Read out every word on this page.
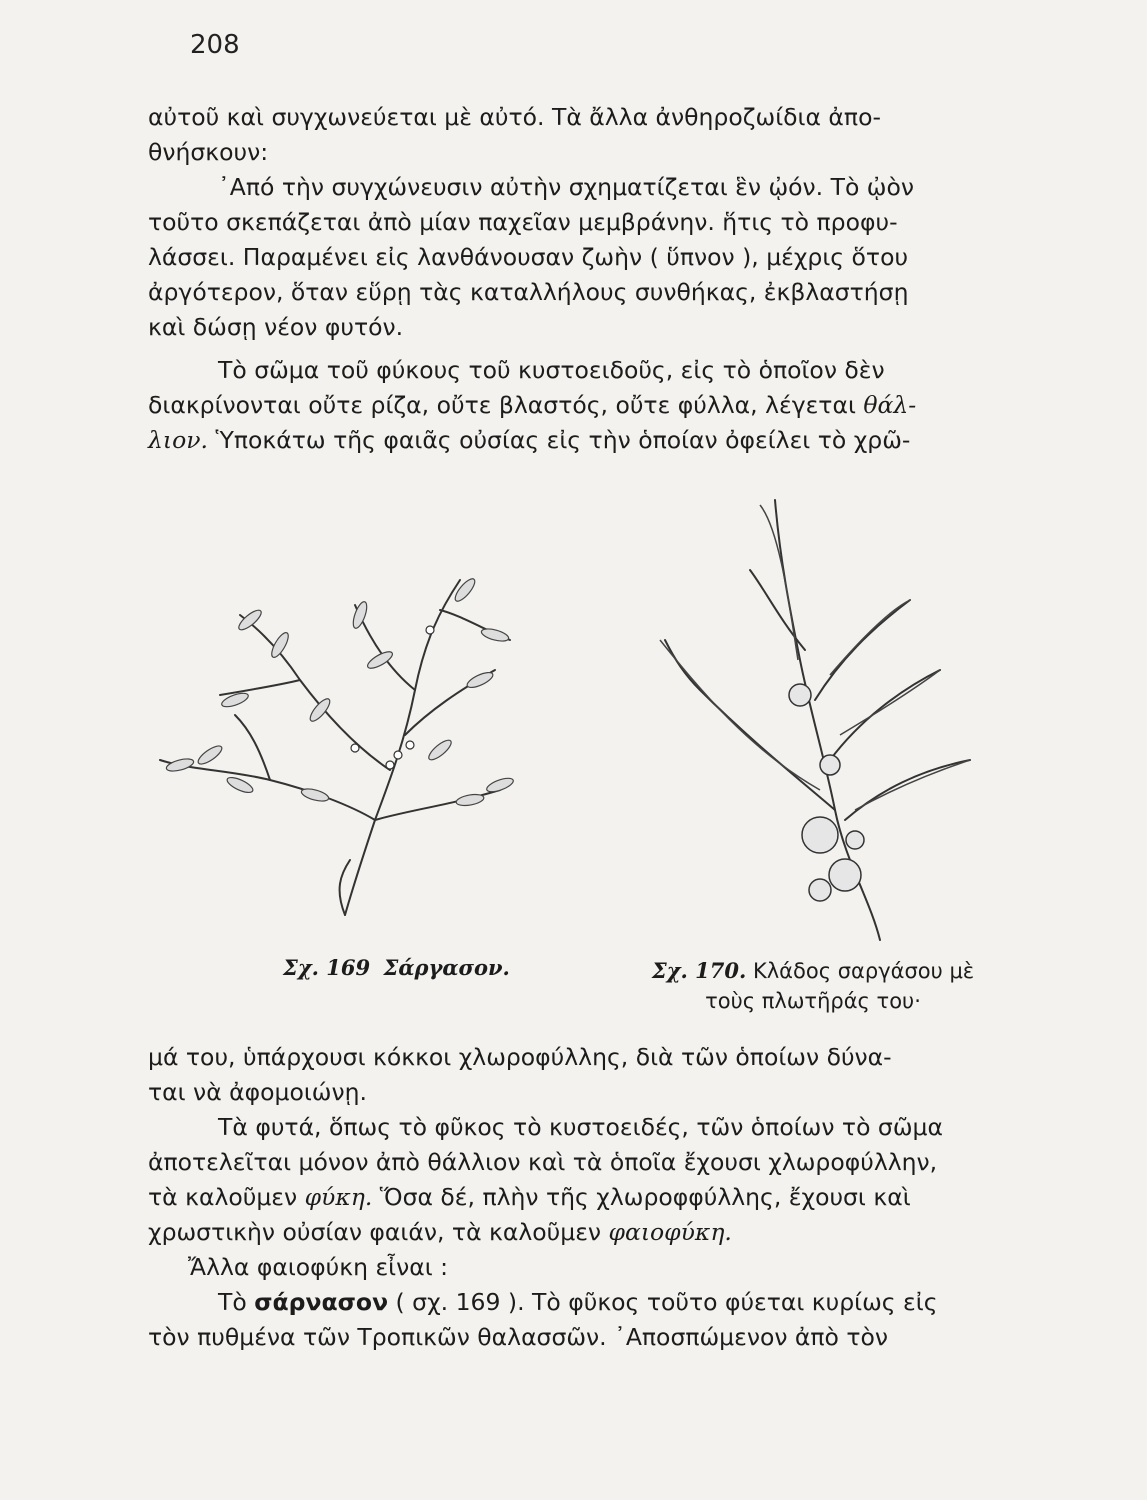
208

αὐτοῦ καὶ συγχωνεύεται μὲ αὐτό. Τὰ ἄλλα ἀνθηροζωίδια ἀπο-
θνήσκουν:

᾿Από τὴν συγχώνευσιν αὐτὴν σχηματίζεται ἓν ᾠόν. Τὸ ᾠὸν

τοῦτο σκεπάζεται ἀπὸ μίαν παχεῖαν μεμβράνην. ἥτις τὸ προφυ-
λάσσει. Παραμένει εἰς λανθάνουσαν ζωὴν ( ὕπνον ), μέχρις ὅτου
ἀργότερον, ὅταν εὕρῃ τὰς καταλλήλους συνθήκας, ἐκβλαστήσῃ
καὶ δώσῃ νέον φυτόν.

Τὸ σῶμα τοῦ φύκους τοῦ κυστοειδοῦς, εἰς τὸ ὁποῖον δὲν

διακρίνονται οὔτε ρίζα, οὔτε βλαστός, οὔτε φύλλα, λέγεται θάλ-
λιον. Ὑποκάτω τῆς φαιᾶς οὐσίας εἰς τὴν ὁποίαν ὀφείλει τὸ χρῶ-

Σχ. 169 Σάργασον.	Σχ. 170. Κλάδος σαργάσου μὲ
τοὺς πλωτῆράς του·

μά του, ὑπάρχουσι κόκκοι χλωροφύλλης, διὰ τῶν ὁποίων δύνα-
ται νὰ ἀφομοιώνῃ.

Τὰ φυτά, ὅπως τὸ φῦκος τὸ κυστοειδές, τῶν ὁποίων τὸ σῶμα

ἀποτελεῖται μόνον ἀπὸ θάλλιον καὶ τὰ ὁποῖα ἔχουσι χλωροφύλλην,
τὰ καλοῦμεν φύκη. Ὅσα δέ, πλὴν τῆς χλωροφφύλλης, ἔχουσι καὶ
χρωστικὴν οὐσίαν φαιάν, τὰ καλοῦμεν φαιοφύκη.

Ἄλλα φαιοφύκη εἶναι :

Τὸ σάρνασον ( σχ. 169 ). Τὸ φῦκος τοῦτο φύεται κυρίως εἰς

τὸν πυθμένα τῶν Τροπικῶν θαλασσῶν. ᾿Αποσπώμενον ἀπὸ τὸν
